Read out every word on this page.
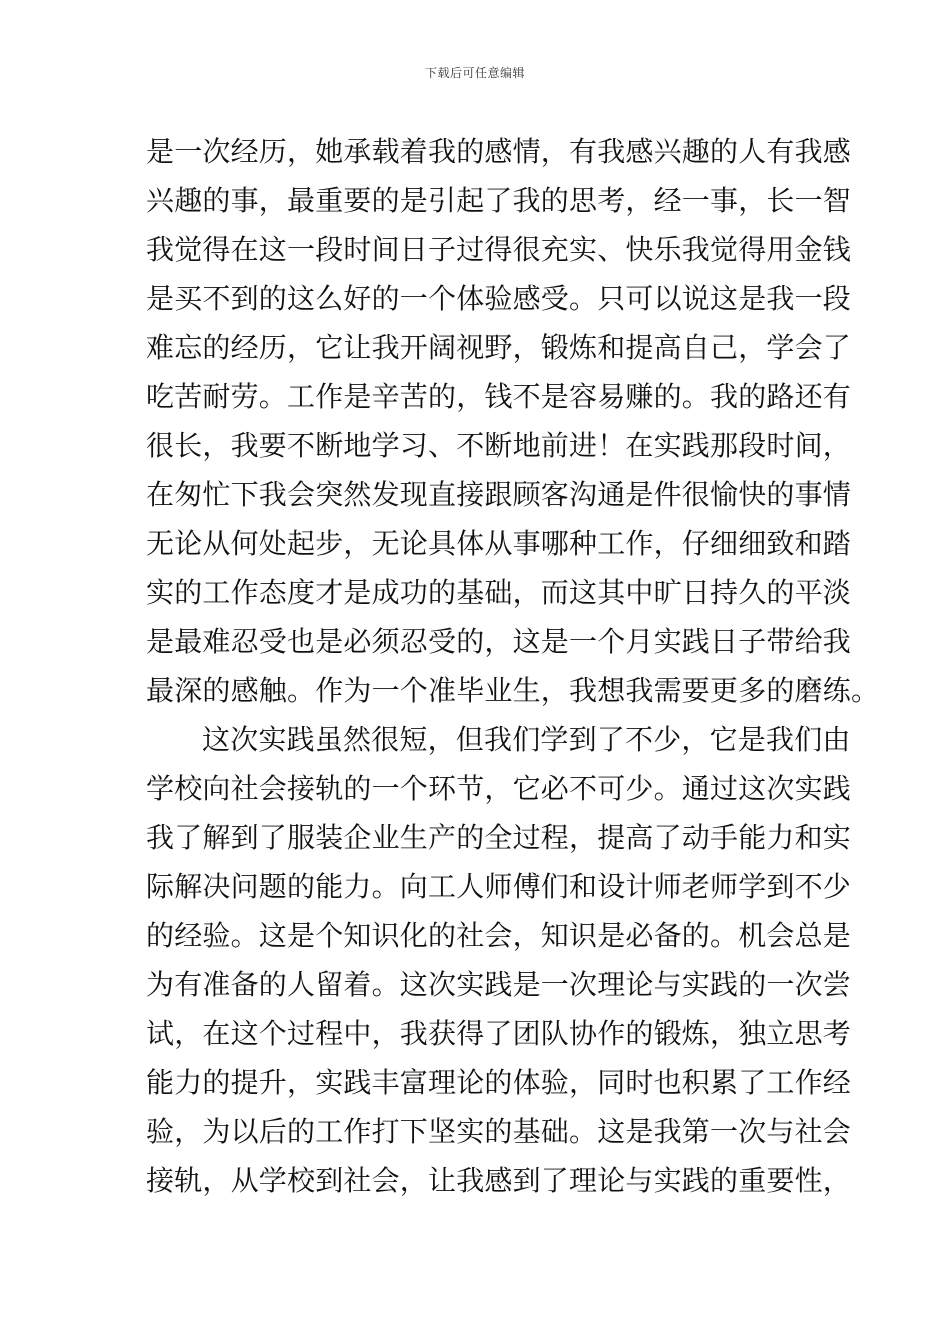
下载后可任意编辑
是一次经历，她承载着我的感情，有我感兴趣的人有我感
兴趣的事，最重要的是引起了我的思考，经一事，长一智
我觉得在这一段时间日子过得很充实、快乐我觉得用金钱
是买不到的这么好的一个体验感受。只可以说这是我一段
难忘的经历，它让我开阔视野，锻炼和提高自己，学会了
吃苦耐劳。工作是辛苦的，钱不是容易赚的。我的路还有
很长，我要不断地学习、不断地前进！在实践那段时间，
在匆忙下我会突然发现直接跟顾客沟通是件很愉快的事情
无论从何处起步，无论具体从事哪种工作，仔细细致和踏
实的工作态度才是成功的基础，而这其中旷日持久的平淡
是最难忍受也是必须忍受的，这是一个月实践日子带给我
最深的感触。作为一个准毕业生，我想我需要更多的磨练。
这次实践虽然很短，但我们学到了不少，它是我们由
学校向社会接轨的一个环节，它必不可少。通过这次实践
我了解到了服装企业生产的全过程，提高了动手能力和实
际解决问题的能力。向工人师傅们和设计师老师学到不少
的经验。这是个知识化的社会，知识是必备的。机会总是
为有准备的人留着。这次实践是一次理论与实践的一次尝
试，在这个过程中，我获得了团队协作的锻炼，独立思考
能力的提升，实践丰富理论的体验，同时也积累了工作经
验，为以后的工作打下坚实的基础。这是我第一次与社会
接轨，从学校到社会，让我感到了理论与实践的重要性，
